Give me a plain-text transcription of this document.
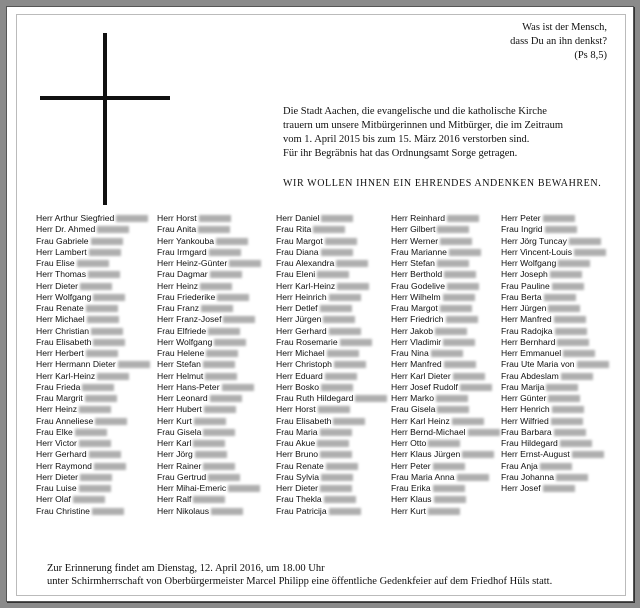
Was ist der Mensch,
dass Du an ihn denkst?
(Ps 8,5)
Die Stadt Aachen, die evangelische und die katholische Kirche
trauern um unsere Mitbürgerinnen und Mitbürger, die im Zeitraum
vom 1. April 2015 bis zum 15. März 2016 verstorben sind.
Für ihr Begräbnis hat das Ordnungsamt Sorge getragen.
WIR WOLLEN IHNEN EIN EHRENDES ANDENKEN BEWAHREN.
Herr Arthur Siegfried
Herr Dr. Ahmed
Frau Gabriele
Herr Lambert
Frau Elise
Herr Thomas
Herr Dieter
Herr Wolfgang
Frau Renate
Herr Michael
Herr Christian
Frau Elisabeth
Herr Herbert
Herr Hermann Dieter
Herr Karl-Heinz
Frau Frieda
Frau Margrit
Herr Heinz
Frau Anneliese
Frau Elke
Herr Victor
Herr Gerhard
Herr Raymond
Herr Dieter
Frau Luise
Herr Olaf
Frau Christine
Herr Horst
Frau Anita
Herr Yankouba
Frau Irmgard
Herr Heinz-Günter
Frau Dagmar
Herr Heinz
Frau Friederike
Frau Franz
Herr Franz-Josef
Frau Elfriede
Herr Wolfgang
Frau Helene
Herr Stefan
Herr Helmut
Herr Hans-Peter
Herr Leonard
Herr Hubert
Herr Kurt
Frau Gisela
Herr Karl
Herr Jörg
Herr Rainer
Frau Gertrud
Herr Mihai-Emeric
Herr Ralf
Herr Nikolaus
Herr Daniel
Frau Rita
Frau Margot
Frau Diana
Frau Alexandra
Frau Eleni
Herr Karl-Heinz
Herr Heinrich
Herr Detlef
Herr Jürgen
Herr Gerhard
Frau Rosemarie
Herr Michael
Herr Christoph
Herr Eduard
Herr Bosko
Frau Ruth Hildegard
Herr Horst
Frau Elisabeth
Frau Maria
Frau Akue
Herr Bruno
Frau Renate
Frau Sylvia
Herr Dieter
Frau Thekla
Frau Patricija
Herr Reinhard
Herr Gilbert
Herr Werner
Frau Marianne
Herr Stefan
Herr Berthold
Frau Godelive
Herr Wilhelm
Frau Margot
Herr Friedrich
Herr Jakob
Herr Vladimir
Frau Nina
Herr Manfred
Herr Karl Dieter
Herr Josef Rudolf
Herr Marko
Frau Gisela
Herr Karl Heinz
Herr Bernd-Michael
Herr Otto
Herr Klaus Jürgen
Herr Peter
Frau Maria Anna
Frau Erika
Herr Klaus
Herr Kurt
Herr Peter
Frau Ingrid
Herr Jörg Tuncay
Herr Vincent-Louis
Herr Wolfgang
Herr Joseph
Frau Pauline
Frau Berta
Herr Jürgen
Herr Manfred
Frau Radojka
Herr Bernhard
Herr Emmanuel
Frau Ute Maria von
Frau Abdeslam
Frau Marija
Herr Günter
Herr Henrich
Herr Wilfried
Frau Barbara
Frau Hildegard
Herr Ernst-August
Frau Anja
Frau Johanna
Herr Josef
Zur Erinnerung findet am Dienstag, 12. April 2016, um 18.00 Uhr
unter Schirmherrschaft von Oberbürgermeister Marcel Philipp eine öffentliche Gedenkfeier auf dem Friedhof Hüls statt.
